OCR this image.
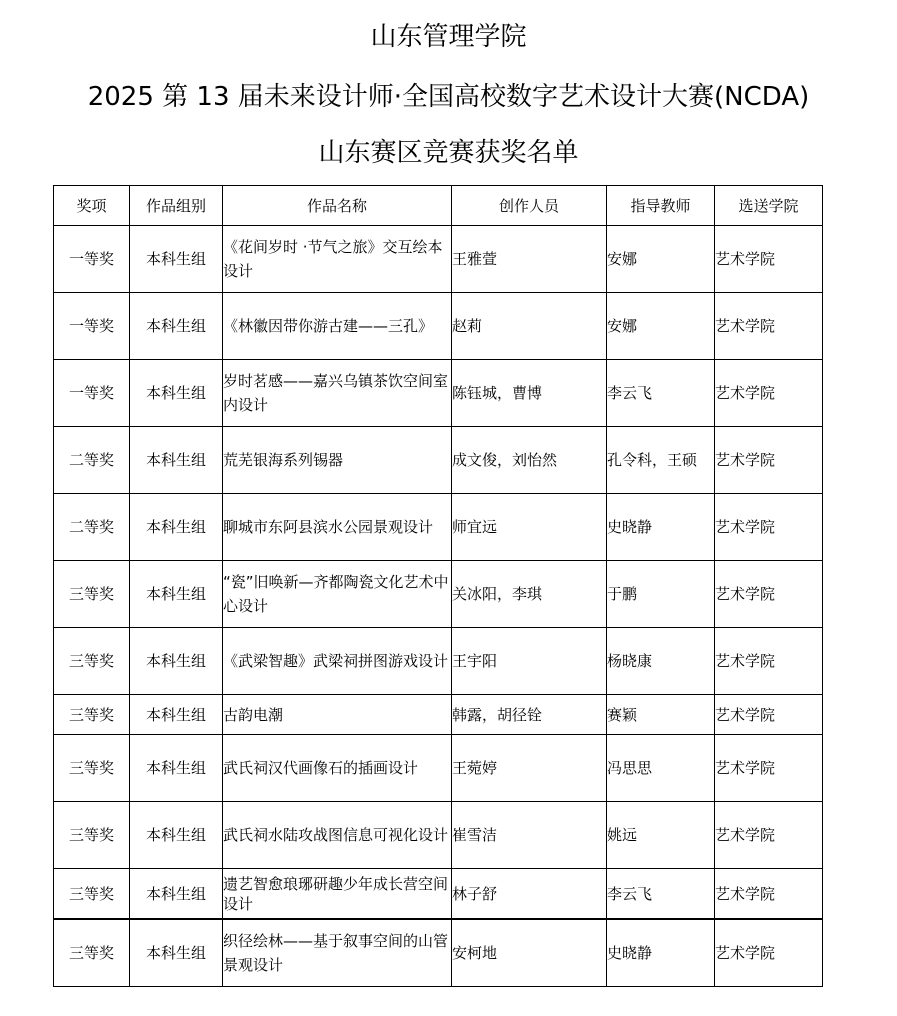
山东管理学院
2025 第 13 届未来设计师·全国高校数字艺术设计大赛(NCDA)
山东赛区竞赛获奖名单
奖项	作品组别	作品名称	创作人员	指导教师	选送学院
一等奖	本科生组	《花间岁时 ·节气之旅》交互绘本设计	王雅萱	安娜	艺术学院
一等奖	本科生组	《林徽因带你游古建——三孔》	赵莉	安娜	艺术学院
一等奖	本科生组	岁时茗感——嘉兴乌镇茶饮空间室内设计	陈钰城，曹博	李云飞	艺术学院
二等奖	本科生组	荒芜银海系列锡器	成文俊，刘怡然	孔令科，王硕	艺术学院
二等奖	本科生组	聊城市东阿县滨水公园景观设计	师宜远	史晓静	艺术学院
三等奖	本科生组	“瓷”旧唤新—齐都陶瓷文化艺术中心设计	关冰阳，李琪	于鹏	艺术学院
三等奖	本科生组	《武梁智趣》武梁祠拼图游戏设计	王宇阳	杨晓康	艺术学院
三等奖	本科生组	古韵电潮	韩露，胡径铨	赛颖	艺术学院
三等奖	本科生组	武氏祠汉代画像石的插画设计	王菀婷	冯思思	艺术学院
三等奖	本科生组	武氏祠水陆攻战图信息可视化设计	崔雪洁	姚远	艺术学院
三等奖	本科生组	遗艺智愈琅琊研趣少年成长营空间设计	林子舒	李云飞	艺术学院
三等奖	本科生组	织径绘林——基于叙事空间的山管景观设计	安柯地	史晓静	艺术学院
